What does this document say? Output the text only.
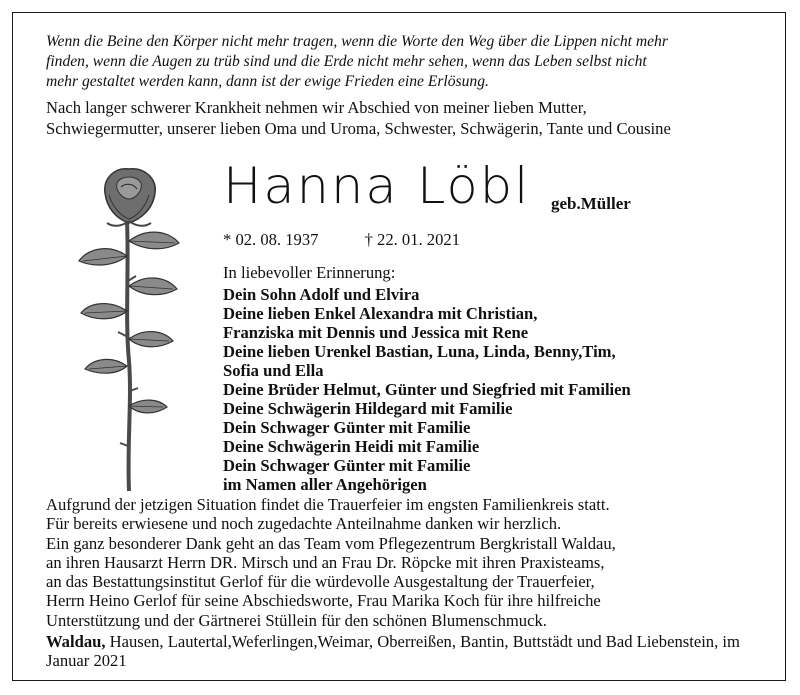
Wenn die Beine den Körper nicht mehr tragen, wenn die Worte den Weg über die Lippen nicht mehr
finden, wenn die Augen zu trüb sind und die Erde nicht mehr sehen, wenn das Leben selbst nicht
mehr gestaltet werden kann, dann ist der ewige Frieden eine Erlösung.
Nach langer schwerer Krankheit nehmen wir Abschied von meiner lieben Mutter,
Schwiegermutter, unserer lieben Oma und Uroma, Schwester, Schwägerin, Tante und Cousine
Hanna Löbl geb.Müller
* 02. 08. 1937	† 22. 01. 2021
In liebevoller Erinnerung:
Dein Sohn Adolf und Elvira
Deine lieben Enkel Alexandra mit Christian,
Franziska mit Dennis und Jessica mit Rene
Deine lieben Urenkel Bastian, Luna, Linda, Benny,Tim,
Sofia und Ella
Deine Brüder Helmut, Günter und Siegfried mit Familien
Deine Schwägerin Hildegard mit Familie
Dein Schwager Günter mit Familie
Deine Schwägerin Heidi mit Familie
Dein Schwager Günter mit Familie
im Namen aller Angehörigen
Aufgrund der jetzigen Situation findet die Trauerfeier im engsten Familienkreis statt.
Für bereits erwiesene und noch zugedachte Anteilnahme danken wir herzlich.
Ein ganz besonderer Dank geht an das Team vom Pflegezentrum Bergkristall Waldau,
an ihren Hausarzt Herrn DR. Mirsch und an Frau Dr. Röpcke mit ihren Praxisteams,
an das Bestattungsinstitut Gerlof für die würdevolle Ausgestaltung der Trauerfeier,
Herrn Heino Gerlof für seine Abschiedsworte, Frau Marika Koch für ihre hilfreiche
Unterstützung und der Gärtnerei Stüllein für den schönen Blumenschmuck.
Waldau, Hausen, Lautertal,Weferlingen,Weimar, Oberreißen, Bantin, Buttstädt und Bad Liebenstein, im Januar 2021
